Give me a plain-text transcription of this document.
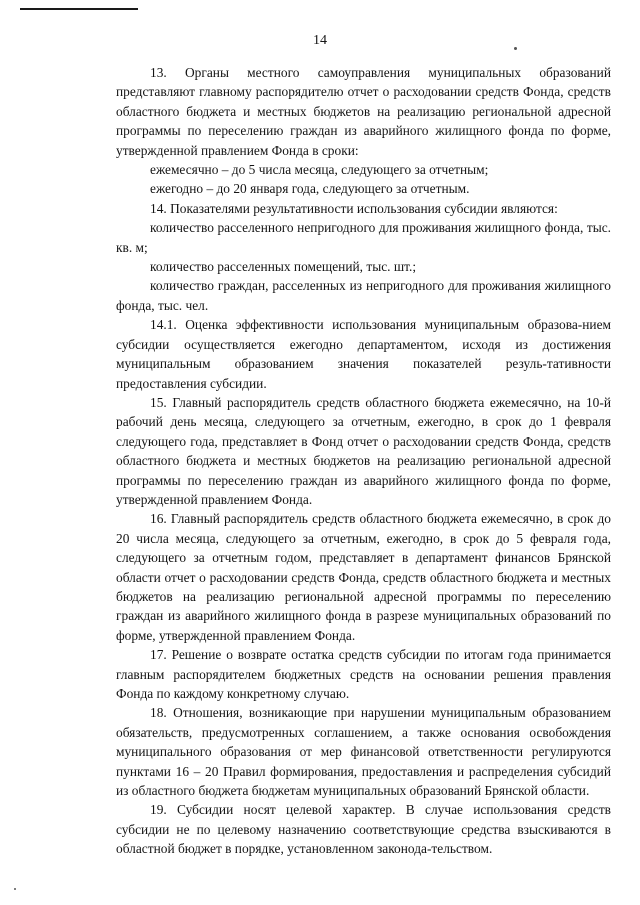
14

13. Органы местного самоуправления муниципальных образований представляют главному распорядителю отчет о расходовании средств Фонда, средств областного бюджета и местных бюджетов на реализацию региональной адресной программы по переселению граждан из аварийного жилищного фонда по форме, утвержденной правлением Фонда в сроки:

ежемесячно – до 5 числа месяца, следующего за отчетным;

ежегодно – до 20 января года, следующего за отчетным.

14. Показателями результативности использования субсидии являются:

количество расселенного непригодного для проживания жилищного фонда, тыс. кв. м;

количество расселенных помещений, тыс. шт.;

количество граждан, расселенных из непригодного для проживания жилищного фонда, тыс. чел.

14.1. Оценка эффективности использования муниципальным образова-нием субсидии осуществляется ежегодно департаментом, исходя из достижения муниципальным образованием значения показателей резуль-тативности предоставления субсидии.

15. Главный распорядитель средств областного бюджета ежемесячно, на 10-й рабочий день месяца, следующего за отчетным, ежегодно, в срок до 1 февраля следующего года, представляет в Фонд отчет о расходовании средств Фонда, средств областного бюджета и местных бюджетов на реализацию региональной адресной программы по переселению граждан из аварийного жилищного фонда по форме, утвержденной правлением Фонда.

16. Главный распорядитель средств областного бюджета ежемесячно, в срок до 20 числа месяца, следующего за отчетным, ежегодно, в срок до 5 февраля года, следующего за отчетным годом, представляет в департамент финансов Брянской области отчет о расходовании средств Фонда, средств областного бюджета и местных бюджетов на реализацию региональной адресной программы по переселению граждан из аварийного жилищного фонда в разрезе муниципальных образований по форме, утвержденной правлением Фонда.

17. Решение о возврате остатка средств субсидии по итогам года принимается главным распорядителем бюджетных средств на основании решения правления Фонда по каждому конкретному случаю.

18. Отношения, возникающие при нарушении муниципальным образованием обязательств, предусмотренных соглашением, а также основания освобождения муниципального образования от мер финансовой ответственности регулируются пунктами 16 – 20 Правил формирования, предоставления и распределения субсидий из областного бюджета бюджетам муниципальных образований Брянской области.

19. Субсидии носят целевой характер. В случае использования средств субсидии не по целевому назначению соответствующие средства взыскиваются в областной бюджет в порядке, установленном законода-тельством.
